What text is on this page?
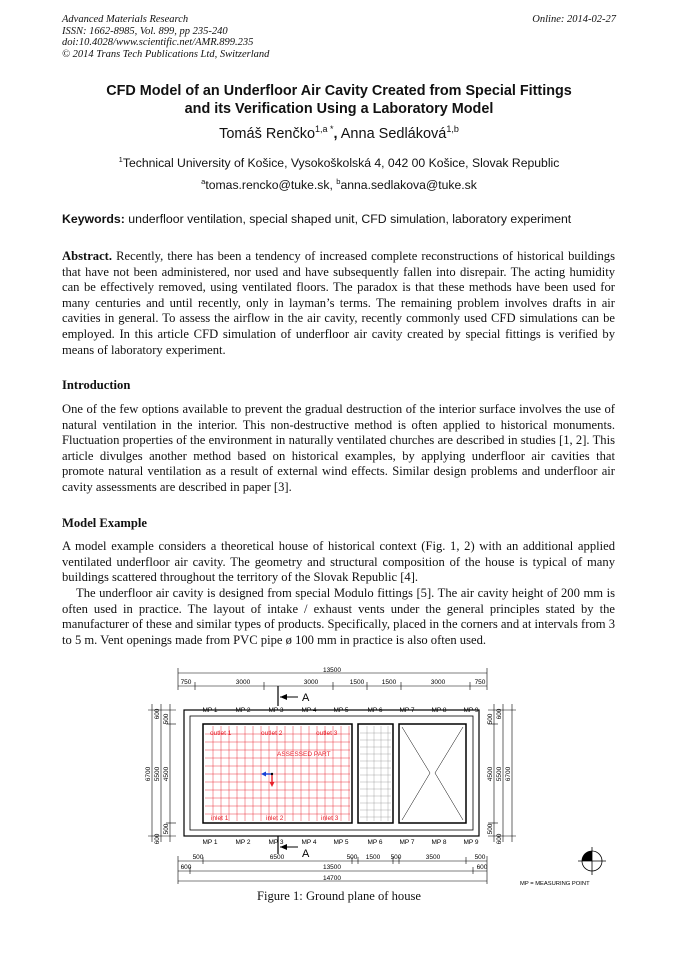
Advanced Materials Research
ISSN: 1662-8985, Vol. 899, pp 235-240
doi:10.4028/www.scientific.net/AMR.899.235
© 2014 Trans Tech Publications Ltd, Switzerland
Online: 2014-02-27
CFD Model of an Underfloor Air Cavity Created from Special Fittings
and its Verification Using a Laboratory Model
Tomáš Renčko$^{1,a *}$, Anna Sedláková$^{1,b}$
$^1$Technical University of Košice, Vysokoškolská 4, 042 00 Košice, Slovak Republic
$^a$tomas.rencko@tuke.sk, $^b$anna.sedlakova@tuke.sk
Keywords: underfloor ventilation, special shaped unit, CFD simulation, laboratory experiment

Abstract. Recently, there has been a tendency of increased complete reconstructions of historical buildings that have not been administered, nor used and have subsequently fallen into disrepair. The acting humidity can be effectively removed, using ventilated floors. The paradox is that these methods have been used for many centuries and until recently, only in layman’s terms. The remaining problem involves drafts in air cavities in general. To assess the airflow in the air cavity, recently commonly used CFD simulations can be employed. In this article CFD simulation of underfloor air cavity created by special fittings is verified by means of laboratory experiment.

Introduction

One of the few options available to prevent the gradual destruction of the interior surface involves the use of natural ventilation in the interior. This non-destructive method is often applied to historical monuments. Fluctuation properties of the environment in naturally ventilated churches are described in studies [1, 2]. This article divulges another method based on historical examples, by applying underfloor air cavities that promote natural ventilation as a result of external wind effects. Similar design problems and underfloor air cavity assessments are described in paper [3].

Model Example

A model example considers a theoretical house of historical context (Fig. 1, 2) with an additional applied ventilated underfloor air cavity. The geometry and structural composition of the house is typical of many buildings scattered throughout the territory of the Slovak Republic [4].

The underfloor air cavity is designed from special Modulo fittings [5]. The air cavity height of 200 mm is often used in practice. The layout of intake / exhaust vents under the general principles stated by the manufacturer of these and similar types of products. Specifically, placed in the corners and at intervals from 3 to 5 m. Vent openings made from PVC pipe ø 100 mm in practice is also often used.

13500
750	3000	3000	1500	1500	3000	750
A
MP 1	MP 2	MP 3	MP 4	MP 5	MP 6	MP 7	MP 8	MP 9
MP 1	MP 2	MP 3	MP 4	MP 5	MP 6	MP 7	MP 8	MP 9
outlet 1	outlet 2	outlet 3
inlet 1	inlet 2	inlet 3
ASSESSED PART
A
500	6500	500 1500 500	3500	500
600	13500	600
14700
600
6700 5500 4500
500
500
600
600
500
4500 5500 6700
500
600
MP = MEASURING POINT
Figure 1: Ground plane of house
